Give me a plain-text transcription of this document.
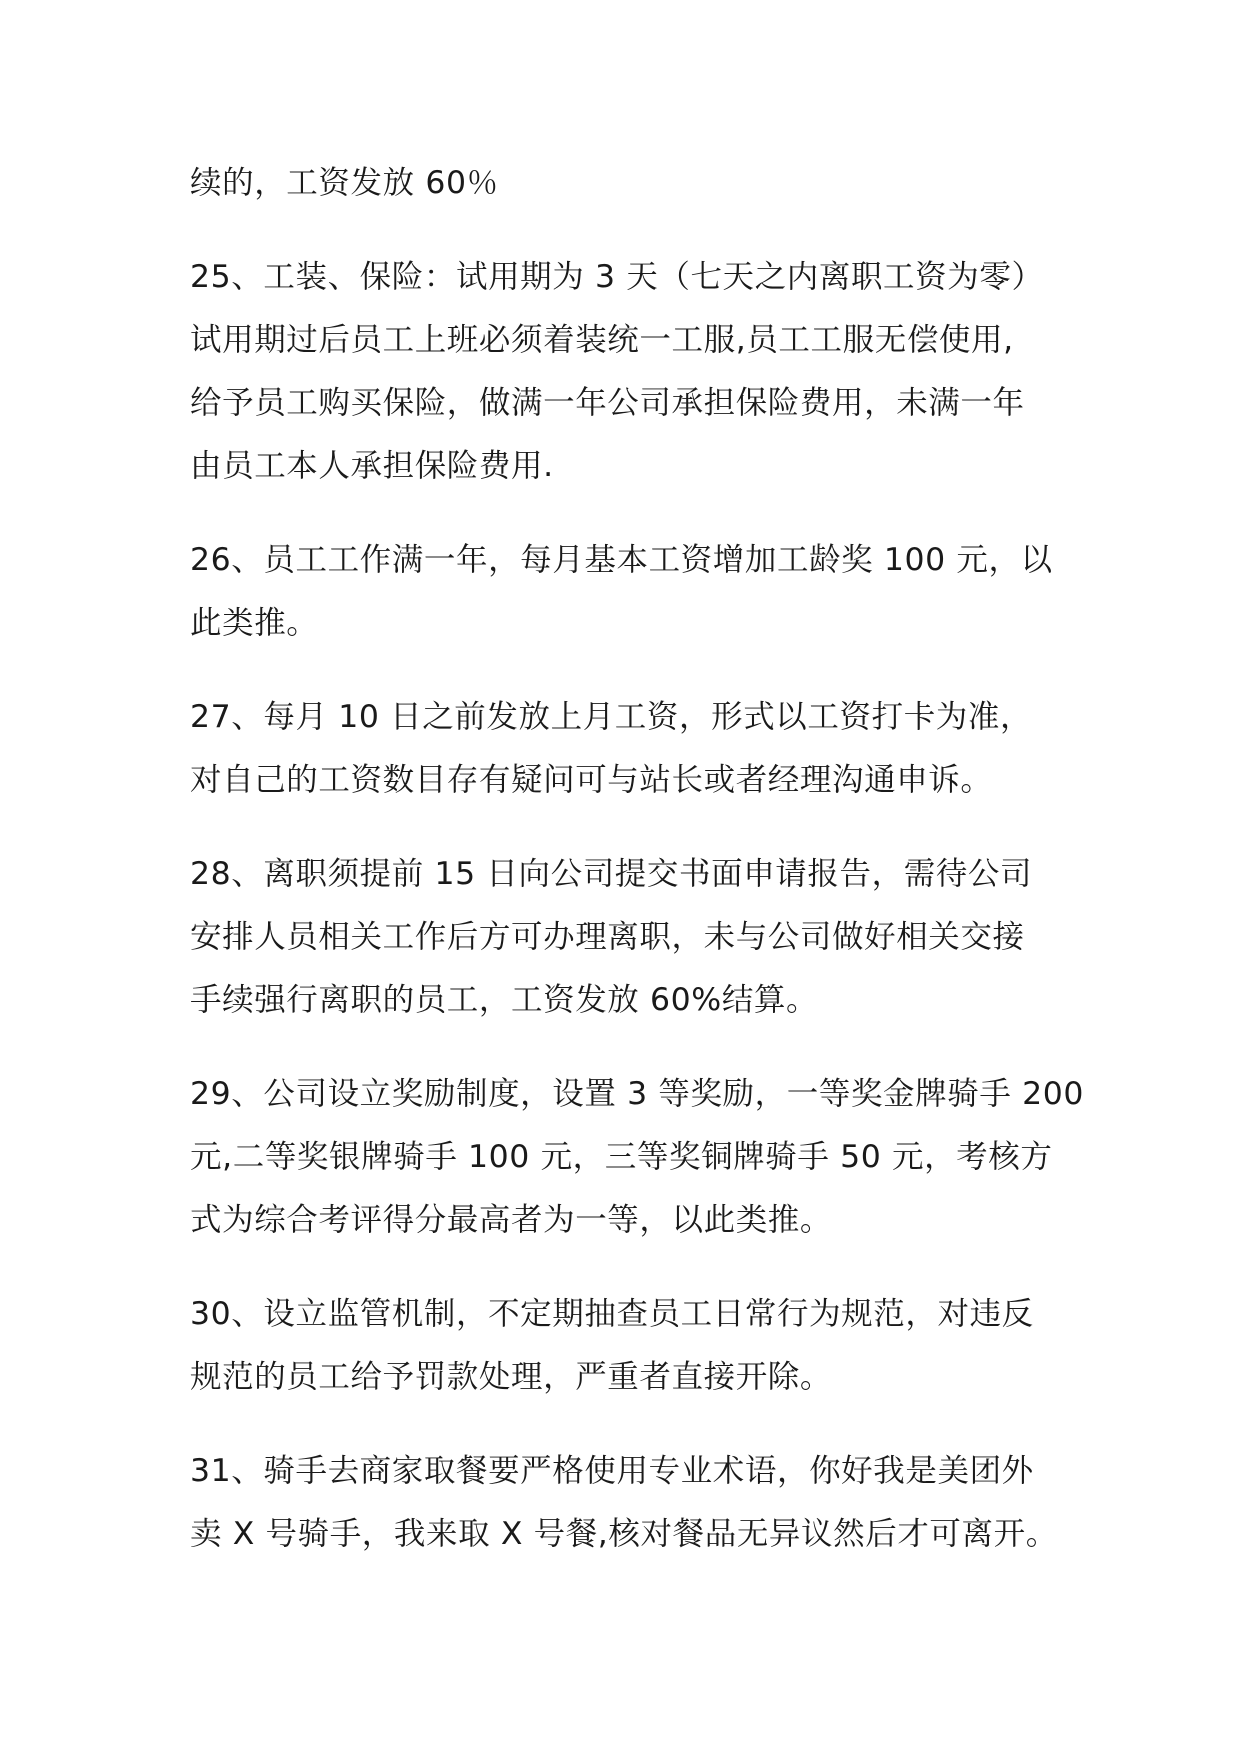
续的，工资发放 60％

25、工装、保险：试用期为 3 天（七天之内离职工资为零）
试用期过后员工上班必须着装统一工服,员工工服无偿使用,
给予员工购买保险，做满一年公司承担保险费用，未满一年
由员工本人承担保险费用.

26、员工工作满一年，每月基本工资增加工龄奖 100 元，以
此类推。

27、每月 10 日之前发放上月工资，形式以工资打卡为准，
对自己的工资数目存有疑问可与站长或者经理沟通申诉。

28、离职须提前 15 日向公司提交书面申请报告，需待公司
安排人员相关工作后方可办理离职，未与公司做好相关交接
手续强行离职的员工，工资发放 60%结算。

29、公司设立奖励制度，设置 3 等奖励，一等奖金牌骑手 200
元,二等奖银牌骑手 100 元，三等奖铜牌骑手 50 元，考核方
式为综合考评得分最高者为一等，以此类推。

30、设立监管机制，不定期抽查员工日常行为规范，对违反
规范的员工给予罚款处理，严重者直接开除。

31、骑手去商家取餐要严格使用专业术语，你好我是美团外
卖 X 号骑手，我来取 X 号餐,核对餐品无异议然后才可离开。
